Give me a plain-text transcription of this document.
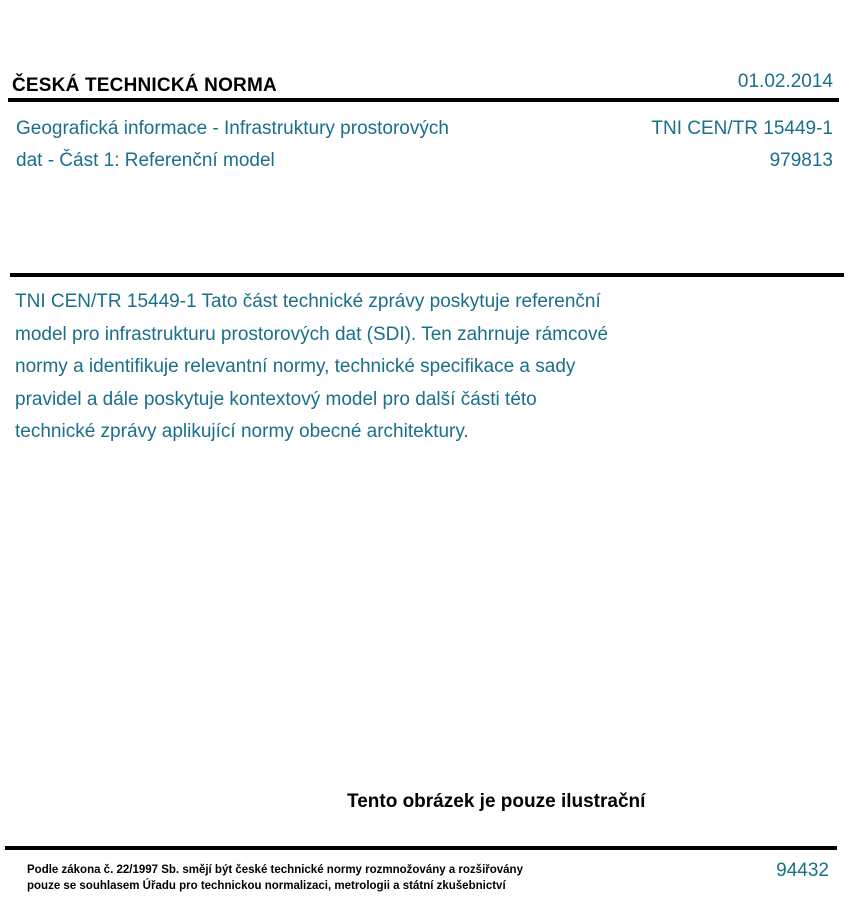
ČESKÁ TECHNICKÁ NORMA	01.02.2014
Geografická informace - Infrastruktury prostorových
dat - Část 1: Referenční model
TNI CEN/TR 15449-1
979813
TNI CEN/TR 15449-1 Tato část technické zprávy poskytuje referenční
model pro infrastrukturu prostorových dat (SDI). Ten zahrnuje rámcové
normy a identifikuje relevantní normy, technické specifikace a sady
pravidel a dále poskytuje kontextový model pro další části této
technické zprávy aplikující normy obecné architektury.
Tento obrázek je pouze ilustrační
Podle zákona č. 22/1997 Sb. smějí být české technické normy rozmnožovány a rozšiřovány
pouze se souhlasem Úřadu pro technickou normalizaci, metrologii a státní zkušebnictví
94432
